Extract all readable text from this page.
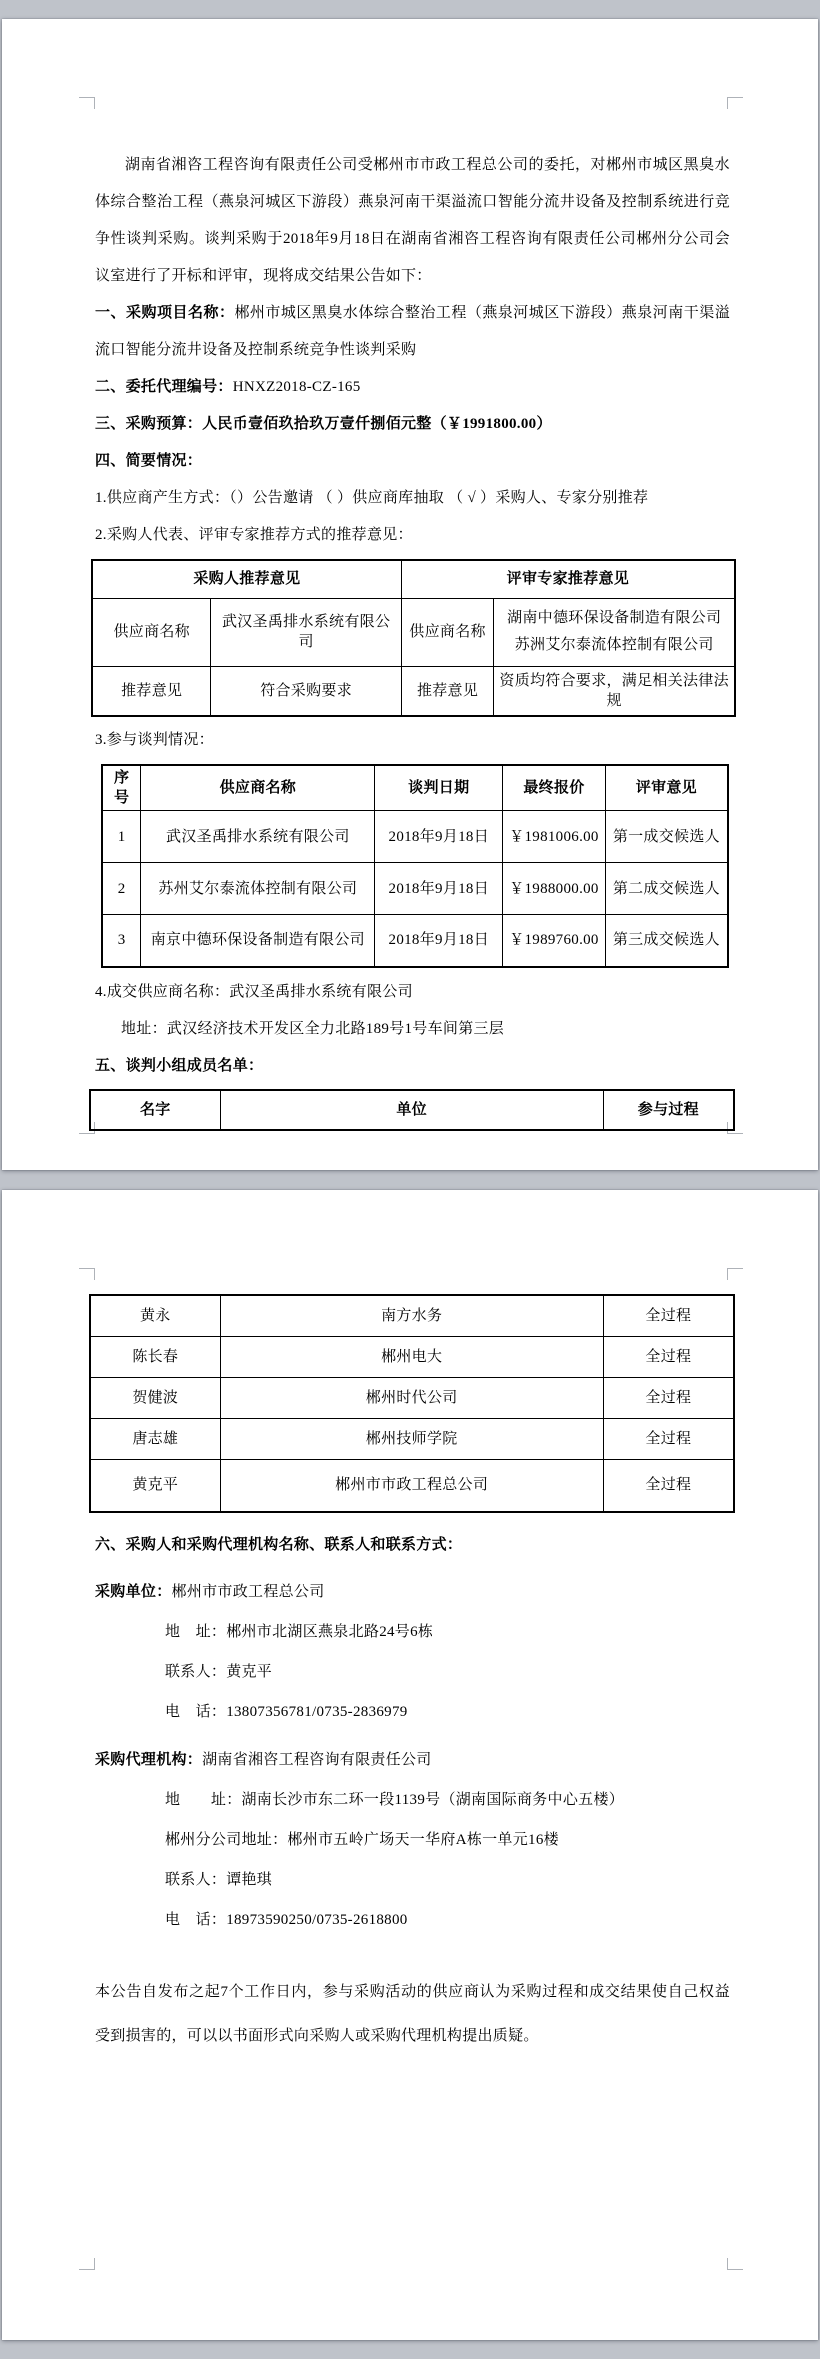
湖南省湘咨工程咨询有限责任公司受郴州市市政工程总公司的委托，对郴州市城区黑臭水体综合整治工程（燕泉河城区下游段）燕泉河南干渠溢流口智能分流井设备及控制系统进行竞争性谈判采购。谈判采购于2018年9月18日在湖南省湘咨工程咨询有限责任公司郴州分公司会议室进行了开标和评审，现将成交结果公告如下：

一、采购项目名称：郴州市城区黑臭水体综合整治工程（燕泉河城区下游段）燕泉河南干渠溢流口智能分流井设备及控制系统竞争性谈判采购

二、委托代理编号：HNXZ2018-CZ-165

三、采购预算：人民币壹佰玖拾玖万壹仟捌佰元整（￥1991800.00）

四、简要情况：

1.供应商产生方式：（）公告邀请 （ ）供应商库抽取 （ √ ）采购人、专家分别推荐

2.采购人代表、评审专家推荐方式的推荐意见：

采购人推荐意见		评审专家推荐意见	
供应商名称	武汉圣禹排水系统有限公司	供应商名称	湖南中德环保设备制造有限公司
苏洲艾尔泰流体控制有限公司

推荐意见	符合采购要求	推荐意见	资质均符合要求，满足相关法律法规

3.参与谈判情况：

序号	供应商名称	谈判日期	最终报价	评审意见
1	武汉圣禹排水系统有限公司	2018年9月18日	￥1981006.00	第一成交候选人
2	苏州艾尔泰流体控制有限公司	2018年9月18日	￥1988000.00	第二成交候选人
3	南京中德环保设备制造有限公司	2018年9月18日	￥1989760.00	第三成交候选人

4.成交供应商名称：武汉圣禹排水系统有限公司

地址：武汉经济技术开发区全力北路189号1号车间第三层

五、谈判小组成员名单：

名字	单位	参与过程
黄永	南方水务	全过程
陈长春	郴州电大	全过程
贺健波	郴州时代公司	全过程
唐志雄	郴州技师学院	全过程
黄克平	郴州市市政工程总公司	全过程

六、采购人和采购代理机构名称、联系人和联系方式：

采购单位：郴州市市政工程总公司

地　址：郴州市北湖区燕泉北路24号6栋

联系人：黄克平

电　话：13807356781/0735-2836979

采购代理机构：湖南省湘咨工程咨询有限责任公司

地　　址：湖南长沙市东二环一段1139号（湖南国际商务中心五楼）

郴州分公司地址：郴州市五岭广场天一华府A栋一单元16楼

联系人：谭艳琪

电　话：18973590250/0735-2618800

本公告自发布之起7个工作日内，参与采购活动的供应商认为采购过程和成交结果使自己权益受到损害的，可以以书面形式向采购人或采购代理机构提出质疑。
